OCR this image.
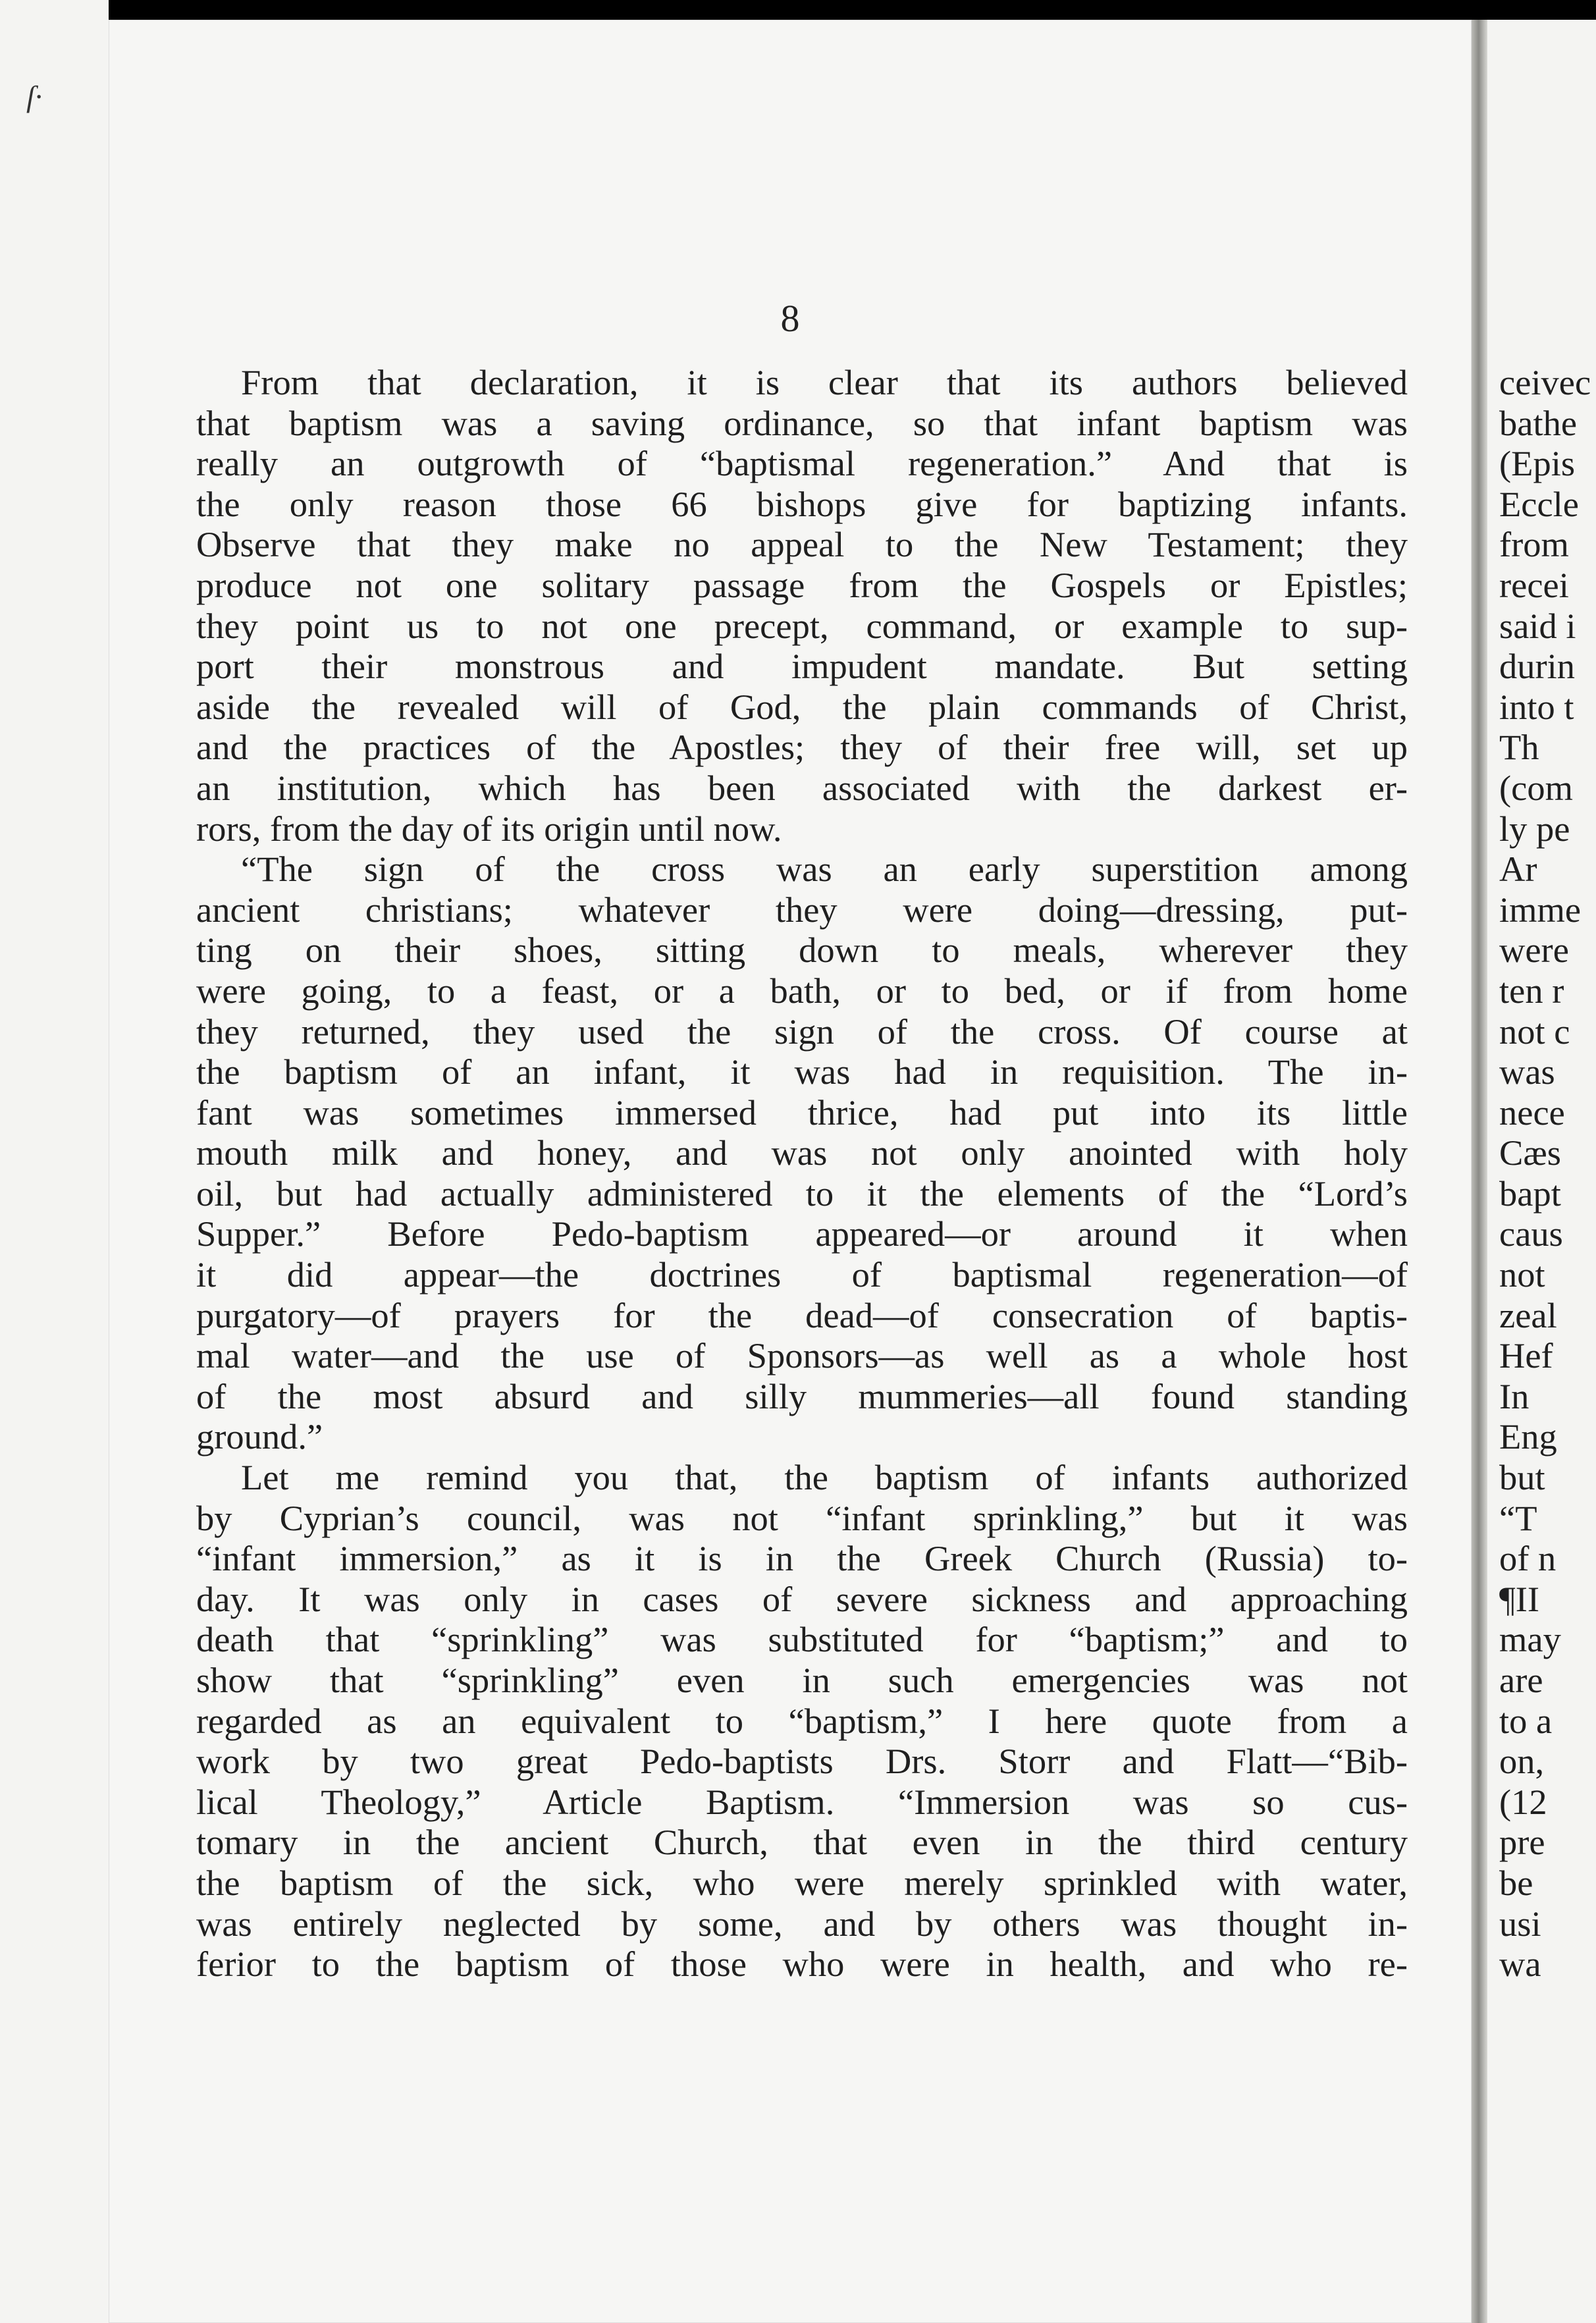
ſ·
8
From that declaration, it is clear that its authors believed
that baptism was a saving ordinance, so that infant baptism was
really an outgrowth of “baptismal regeneration.” And that is
the only reason those 66 bishops give for baptizing infants.
Observe that they make no appeal to the New Testament; they
produce not one solitary passage from the Gospels or Epistles;
they point us to not one precept, command, or example to sup-
port their monstrous and impudent mandate. But setting
aside the revealed will of God, the plain commands of Christ,
and the practices of the Apostles; they of their free will, set up
an institution, which has been associated with the darkest er-
rors, from the day of its origin until now.
“The sign of the cross was an early superstition among
ancient christians; whatever they were doing—dressing, put-
ting on their shoes, sitting down to meals, wherever they
were going, to a feast, or a bath, or to bed, or if from home
they returned, they used the sign of the cross. Of course at
the baptism of an infant, it was had in requisition. The in-
fant was sometimes immersed thrice, had put into its little
mouth milk and honey, and was not only anointed with holy
oil, but had actually administered to it the elements of the “Lord’s
Supper.” Before Pedo-baptism appeared—or around it when
it did appear—the doctrines of baptismal regeneration—of
purgatory—of prayers for the dead—of consecration of baptis-
mal water—and the use of Sponsors—as well as a whole host
of the most absurd and silly mummeries—all found standing
ground.”
Let me remind you that, the baptism of infants authorized
by Cyprian’s council, was not “infant sprinkling,” but it was
“infant immersion,” as it is in the Greek Church (Russia) to-
day. It was only in cases of severe sickness and approaching
death that “sprinkling” was substituted for “baptism;” and to
show that “sprinkling” even in such emergencies was not
regarded as an equivalent to “baptism,” I here quote from a
work by two great Pedo-baptists Drs. Storr and Flatt—“Bib-
lical Theology,” Article Baptism. “Immersion was so cus-
tomary in the ancient Church, that even in the third century
the baptism of the sick, who were merely sprinkled with water,
was entirely neglected by some, and by others was thought in-
ferior to the baptism of those who were in health, and who re-
ceivec
bathe
(Epis
Eccle
from
recei
said i
durin
into t
Th
(com
ly pe
Ar
imme
were
ten r
not c
was
nece
Cæs
bapt
caus
not
zeal
Hef
In
Eng
but
“T
of n
¶II
may
are
to a
on,
(12
pre
be
usi
wa
